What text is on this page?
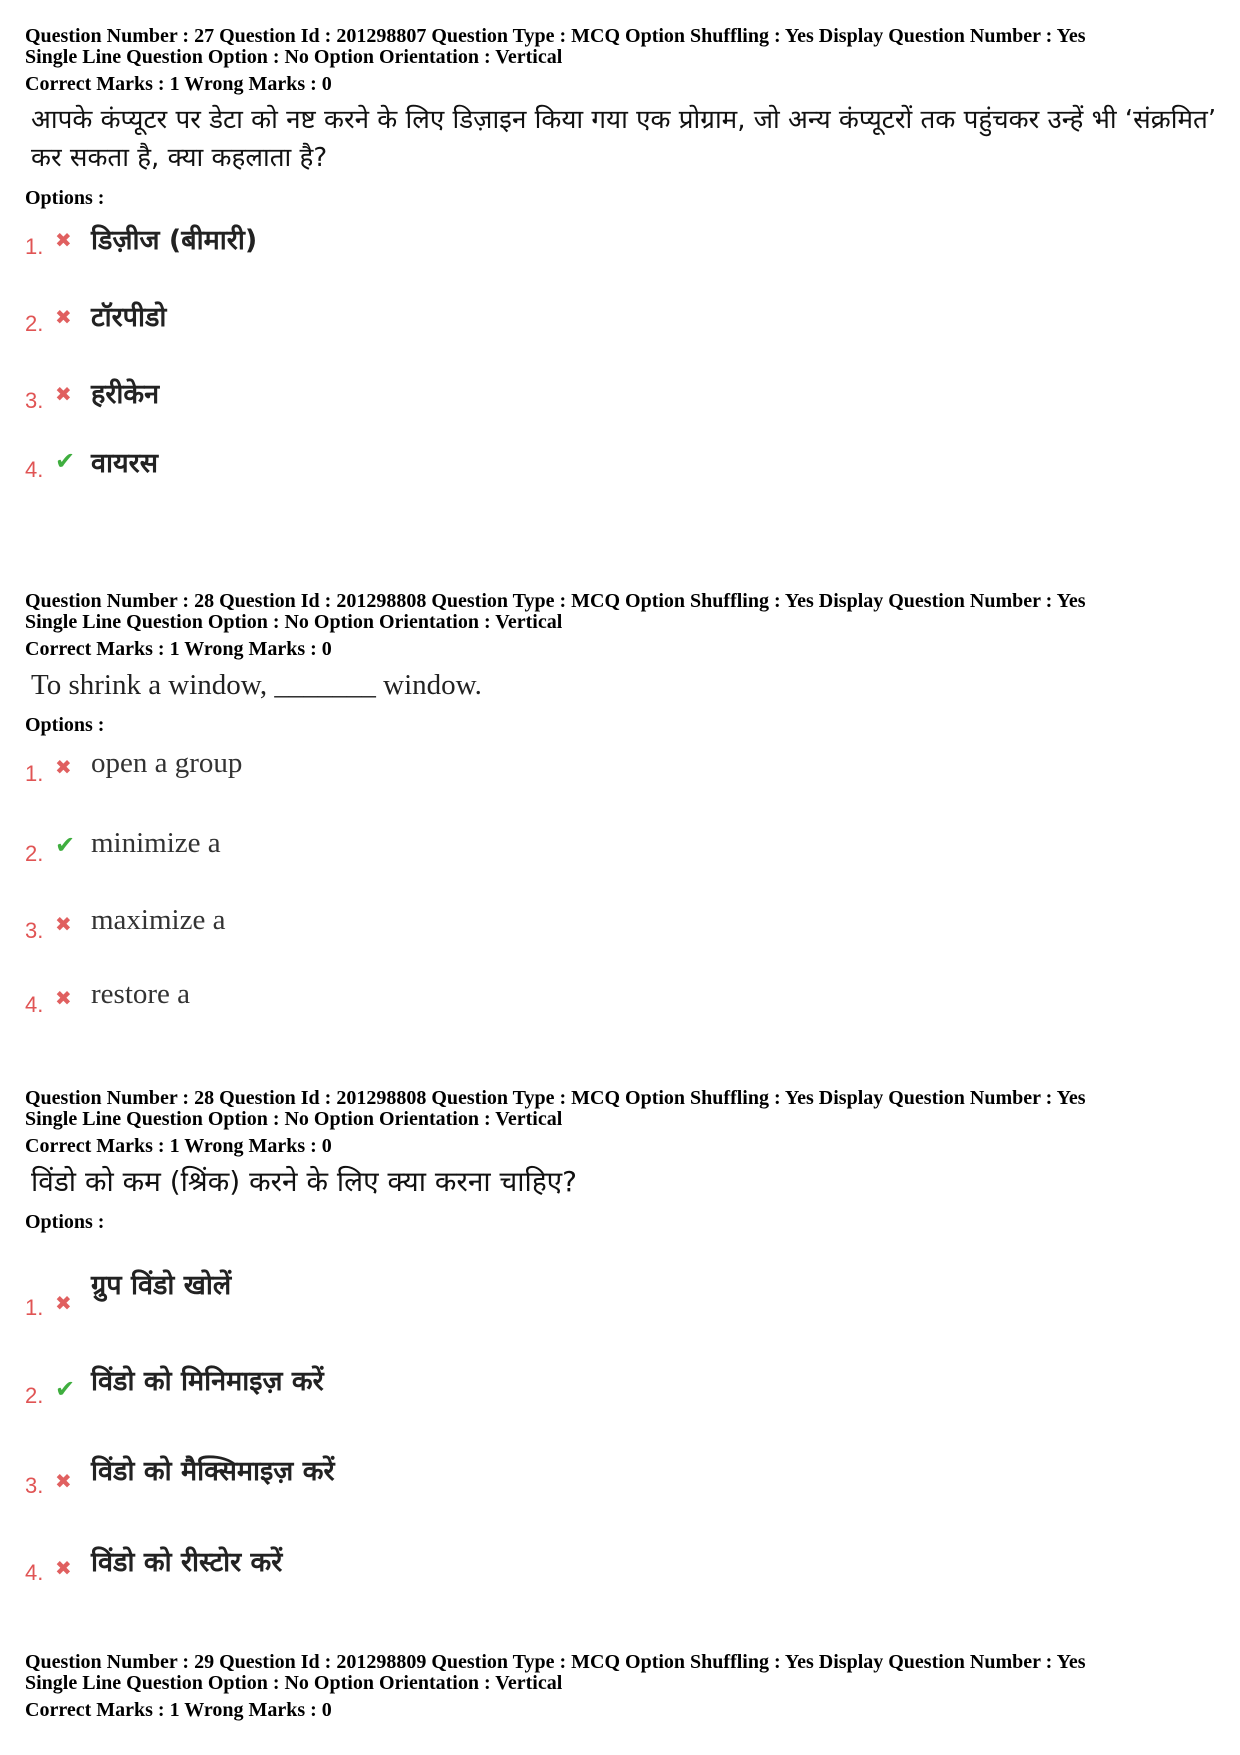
Question Number : 27 Question Id : 201298807 Question Type : MCQ Option Shuffling : Yes Display Question Number : Yes
Single Line Question Option : No Option Orientation : Vertical
Correct Marks : 1 Wrong Marks : 0
आपके कंप्यूटर पर डेटा को नष्ट करने के लिए डिज़ाइन किया गया एक प्रोग्राम, जो अन्य कंप्यूटरों तक पहुंचकर उन्हें भी ‘संक्रमित’ कर सकता है, क्या कहलाता है?
Options :
1. ✖ डिज़ीज (बीमारी)
2. ✖ टॉरपीडो
3. ✖ हरीकेन
4. ✔ वायरस
Question Number : 28 Question Id : 201298808 Question Type : MCQ Option Shuffling : Yes Display Question Number : Yes
Single Line Question Option : No Option Orientation : Vertical
Correct Marks : 1 Wrong Marks : 0
To shrink a window, _______ window.
Options :
1. ✖ open a group
2. ✔ minimize a
3. ✖ maximize a
4. ✖ restore a
Question Number : 28 Question Id : 201298808 Question Type : MCQ Option Shuffling : Yes Display Question Number : Yes
Single Line Question Option : No Option Orientation : Vertical
Correct Marks : 1 Wrong Marks : 0
विंडो को कम (श्रिंक) करने के लिए क्या करना चाहिए?
Options :
1. ✖
ग्रुप विंडो खोलें
2. ✔ विंडो को मिनिमाइज़ करें
3. ✖ विंडो को मैक्सिमाइज़ करें
4. ✖ विंडो को रीस्टोर करें
Question Number : 29 Question Id : 201298809 Question Type : MCQ Option Shuffling : Yes Display Question Number : Yes
Single Line Question Option : No Option Orientation : Vertical
Correct Marks : 1 Wrong Marks : 0
